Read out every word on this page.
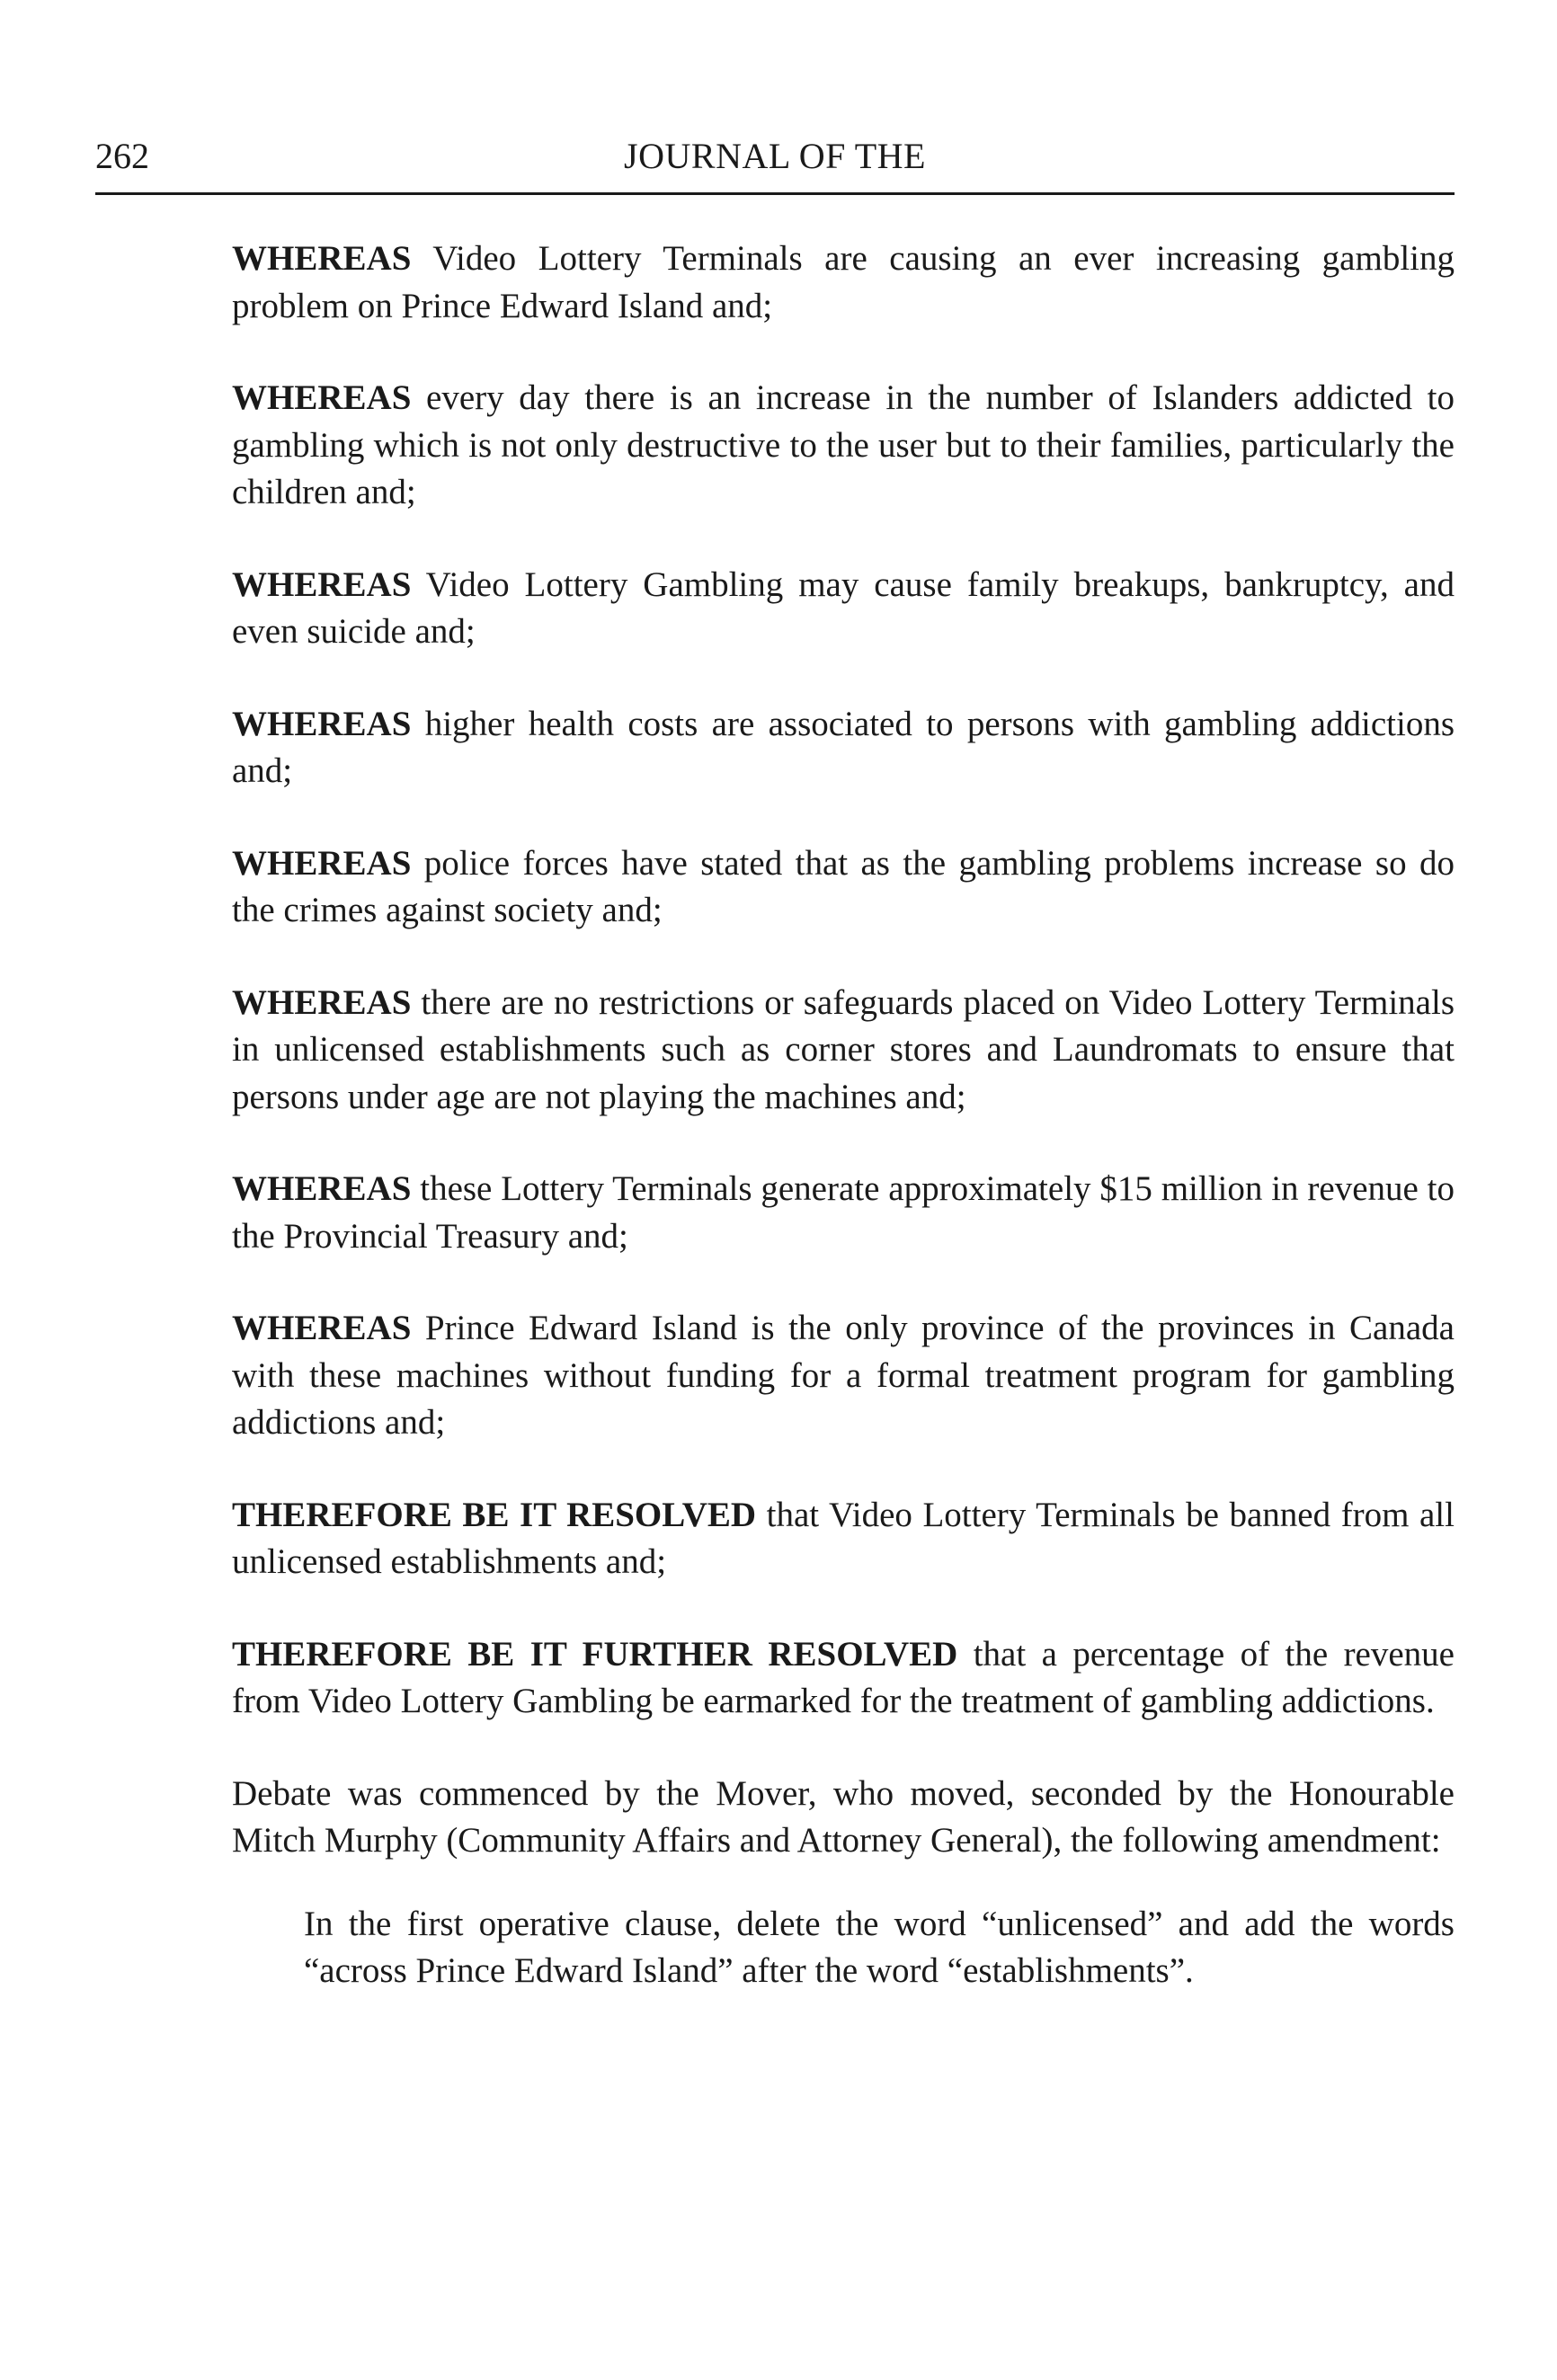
262	JOURNAL OF THE

WHEREAS Video Lottery Terminals are causing an ever increasing gambling problem on Prince Edward Island and;

WHEREAS every day there is an increase in the number of Islanders addicted to gambling which is not only destructive to the user but to their families, particularly the children and;

WHEREAS Video Lottery Gambling may cause family breakups, bankruptcy, and even suicide and;

WHEREAS higher health costs are associated to persons with gambling addictions and;

WHEREAS police forces have stated that as the gambling problems increase so do the crimes against society and;

WHEREAS there are no restrictions or safeguards placed on Video Lottery Terminals in unlicensed establishments such as corner stores and Laundromats to ensure that persons under age are not playing the machines and;

WHEREAS these Lottery Terminals generate approximately $15 million in revenue to the Provincial Treasury and;

WHEREAS Prince Edward Island is the only province of the provinces in Canada with these machines without funding for a formal treatment program for gambling addictions and;

THEREFORE BE IT RESOLVED that Video Lottery Terminals be banned from all unlicensed establishments and;

THEREFORE BE IT FURTHER RESOLVED that a percentage of the revenue from Video Lottery Gambling be earmarked for the treatment of gambling addictions.

Debate was commenced by the Mover, who moved, seconded by the Honourable Mitch Murphy (Community Affairs and Attorney General), the following amendment:

In the first operative clause, delete the word “unlicensed” and add the words “across Prince Edward Island” after the word “establishments”.
